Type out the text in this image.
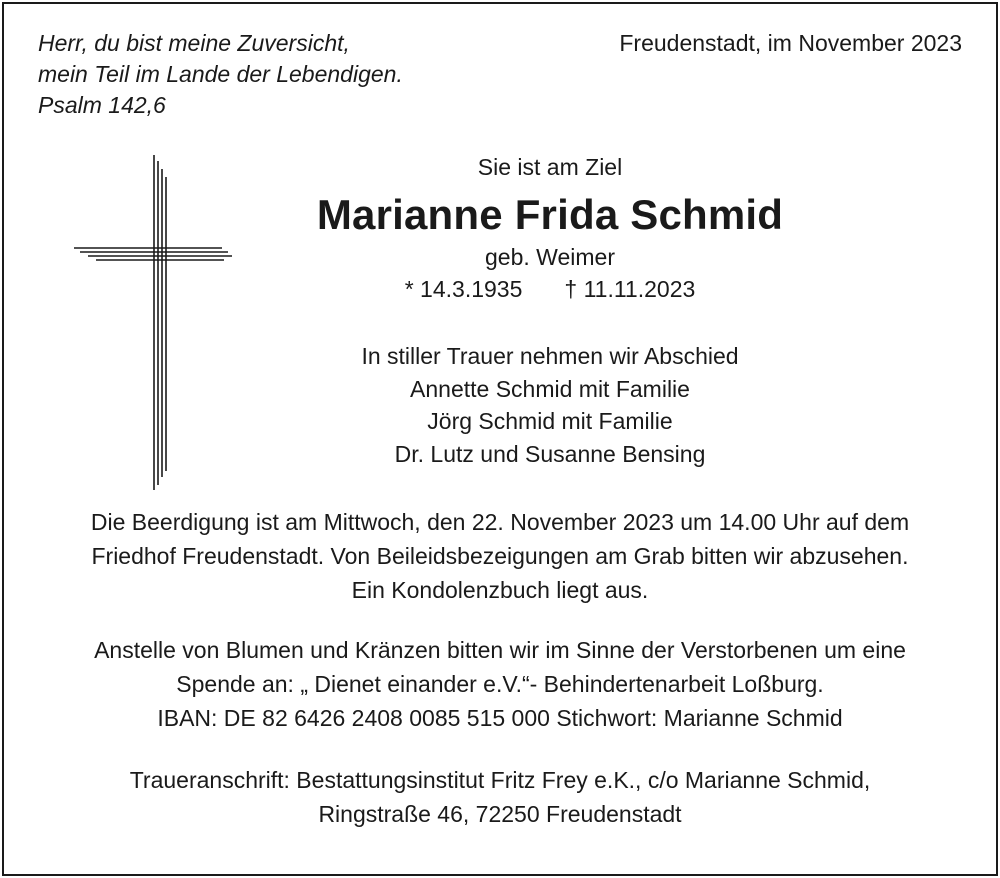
Herr, du bist meine Zuversicht,
mein Teil im Lande der Lebendigen.
Psalm 142,6
Freudenstadt, im November 2023
Sie ist am Ziel
Marianne Frida Schmid
geb. Weimer
* 14.3.1935 † 11.11.2023
In stiller Trauer nehmen wir Abschied
Annette Schmid mit Familie
Jörg Schmid mit Familie
Dr. Lutz und Susanne Bensing
Die Beerdigung ist am Mittwoch, den 22. November 2023 um 14.00 Uhr auf dem
Friedhof Freudenstadt. Von Beileidsbezeigungen am Grab bitten wir abzusehen.
Ein Kondolenzbuch liegt aus.
Anstelle von Blumen und Kränzen bitten wir im Sinne der Verstorbenen um eine
Spende an: „ Dienet einander e.V.“- Behindertenarbeit Loßburg.
IBAN: DE 82 6426 2408 0085 515 000 Stichwort: Marianne Schmid
Traueranschrift: Bestattungsinstitut Fritz Frey e.K., c/o Marianne Schmid,
Ringstraße 46, 72250 Freudenstadt
